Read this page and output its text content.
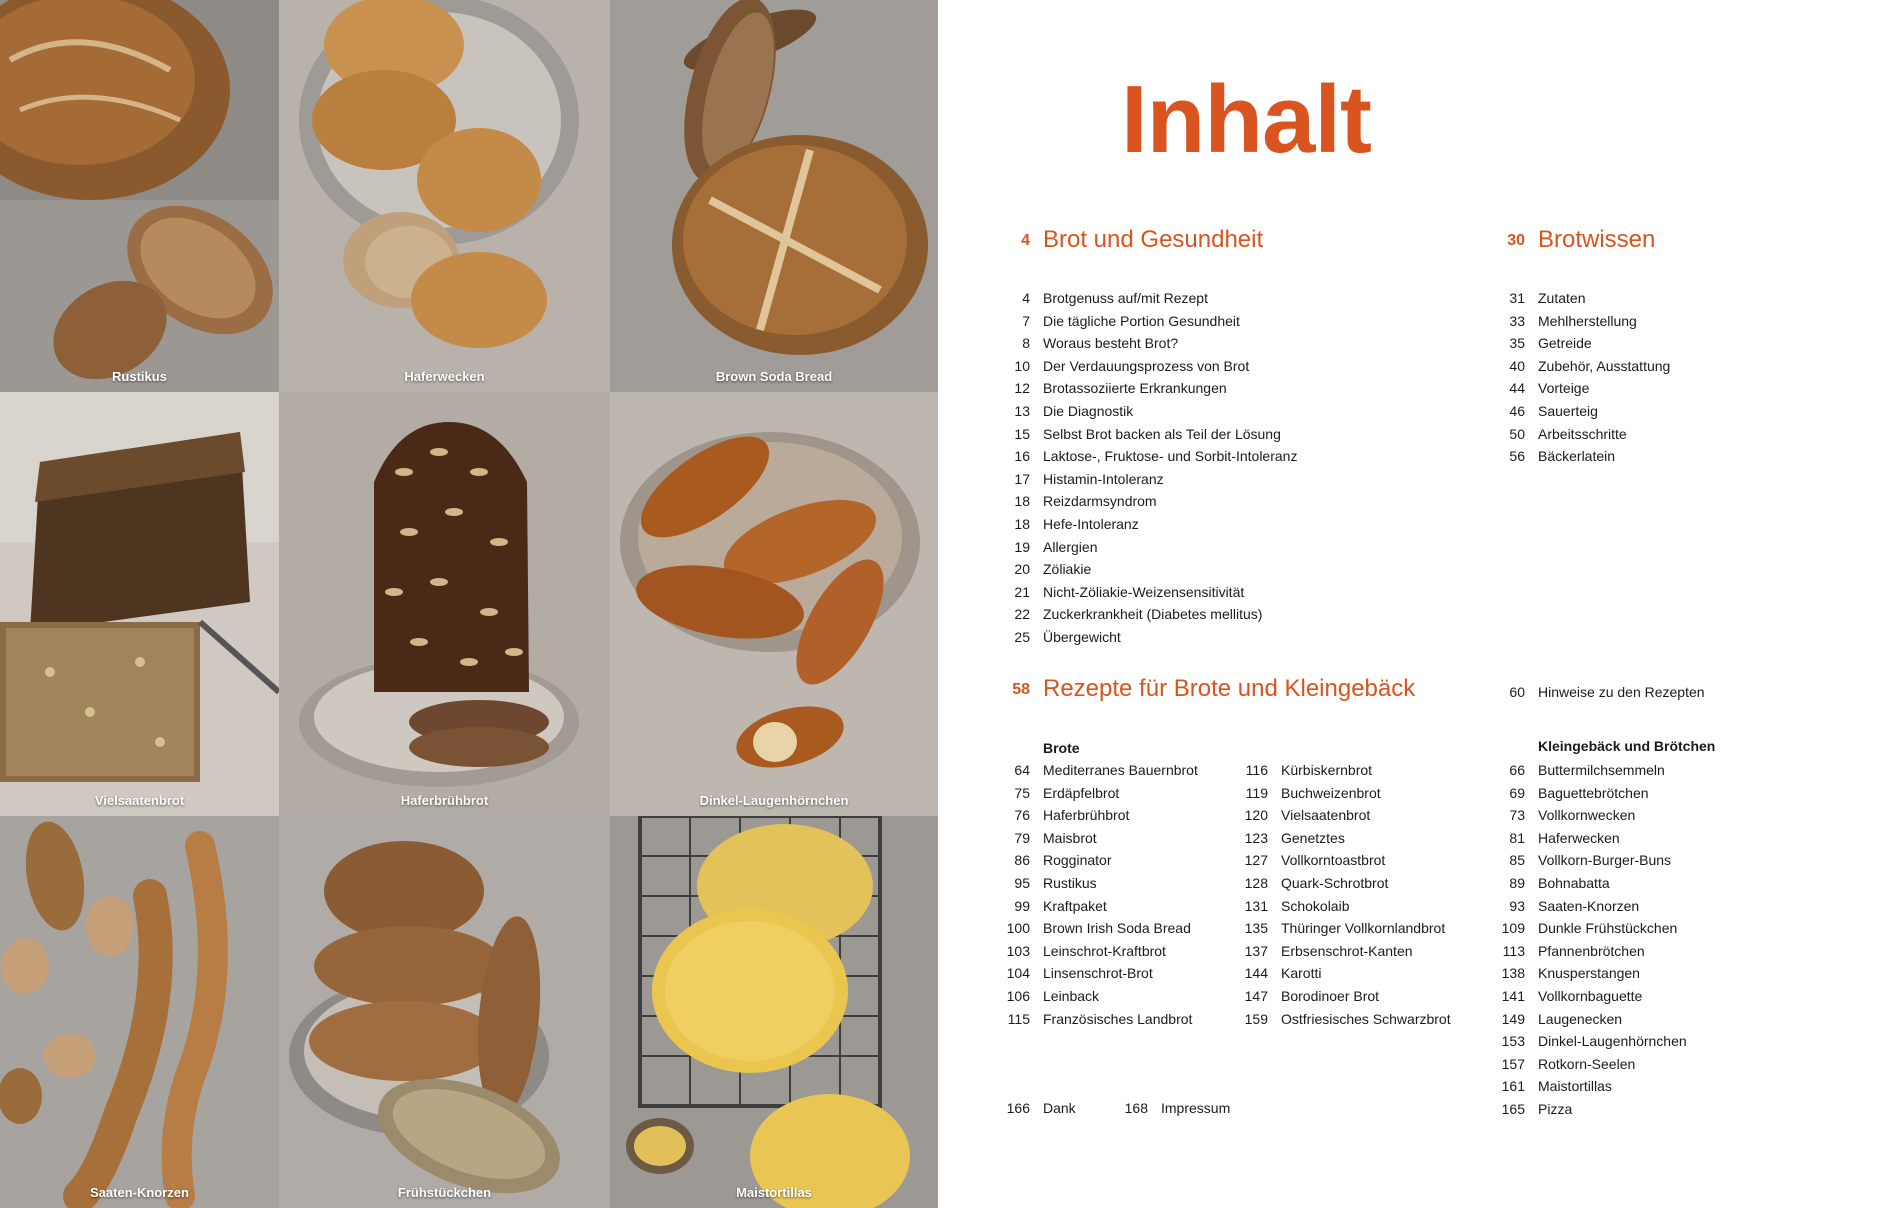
Rustikus	Haferwecken	Brown Soda Bread
Vielsaatenbrot	Haferbrühbrot	Dinkel-Laugenhörnchen
Saaten-Knorzen	Frühstückchen	Maistortillas
Inhalt
4 Brot und Gesundheit
4 Brotgenuss auf/mit Rezept
7 Die tägliche Portion Gesundheit
8 Woraus besteht Brot?
10 Der Verdauungsprozess von Brot
12 Brotassoziierte Erkrankungen
13 Die Diagnostik
15 Selbst Brot backen als Teil der Lösung
16 Laktose-, Fruktose- und Sorbit-Intoleranz
17 Histamin-Intoleranz
18 Reizdarmsyndrom
18 Hefe-Intoleranz
19 Allergien
20 Zöliakie
21 Nicht-Zöliakie-Weizensensitivität
22 Zuckerkrankheit (Diabetes mellitus)
25 Übergewicht
30 Brotwissen
31 Zutaten
33 Mehlherstellung
35 Getreide
40 Zubehör, Ausstattung
44 Vorteige
46 Sauerteig
50 Arbeitsschritte
56 Bäckerlatein
58 Rezepte für Brote und Kleingebäck	60 Hinweise zu den Rezepten
Brote
64 Mediterranes Bauernbrot
75 Erdäpfelbrot
76 Haferbrühbrot
79 Maisbrot
86 Rogginator
95 Rustikus
99 Kraftpaket
100 Brown Irish Soda Bread
103 Leinschrot-Kraftbrot
104 Linsenschrot-Brot
106 Leinback
115 Französisches Landbrot
116 Kürbiskernbrot
119 Buchweizenbrot
120 Vielsaatenbrot
123 Genetztes
127 Vollkorntoastbrot
128 Quark-Schrotbrot
131 Schokolaib
135 Thüringer Vollkornlandbrot
137 Erbsenschrot-Kanten
144 Karotti
147 Borodinoer Brot
159 Ostfriesisches Schwarzbrot
Kleingebäck und Brötchen
66 Buttermilchsemmeln
69 Baguettebrötchen
73 Vollkornwecken
81 Haferwecken
85 Vollkorn-Burger-Buns
89 Bohnabatta
93 Saaten-Knorzen
109 Dunkle Frühstückchen
113 Pfannenbrötchen
138 Knusperstangen
141 Vollkornbaguette
149 Laugenecken
153 Dinkel-Laugenhörnchen
157 Rotkorn-Seelen
161 Maistortillas
165 Pizza
166 Dank	168 Impressum
